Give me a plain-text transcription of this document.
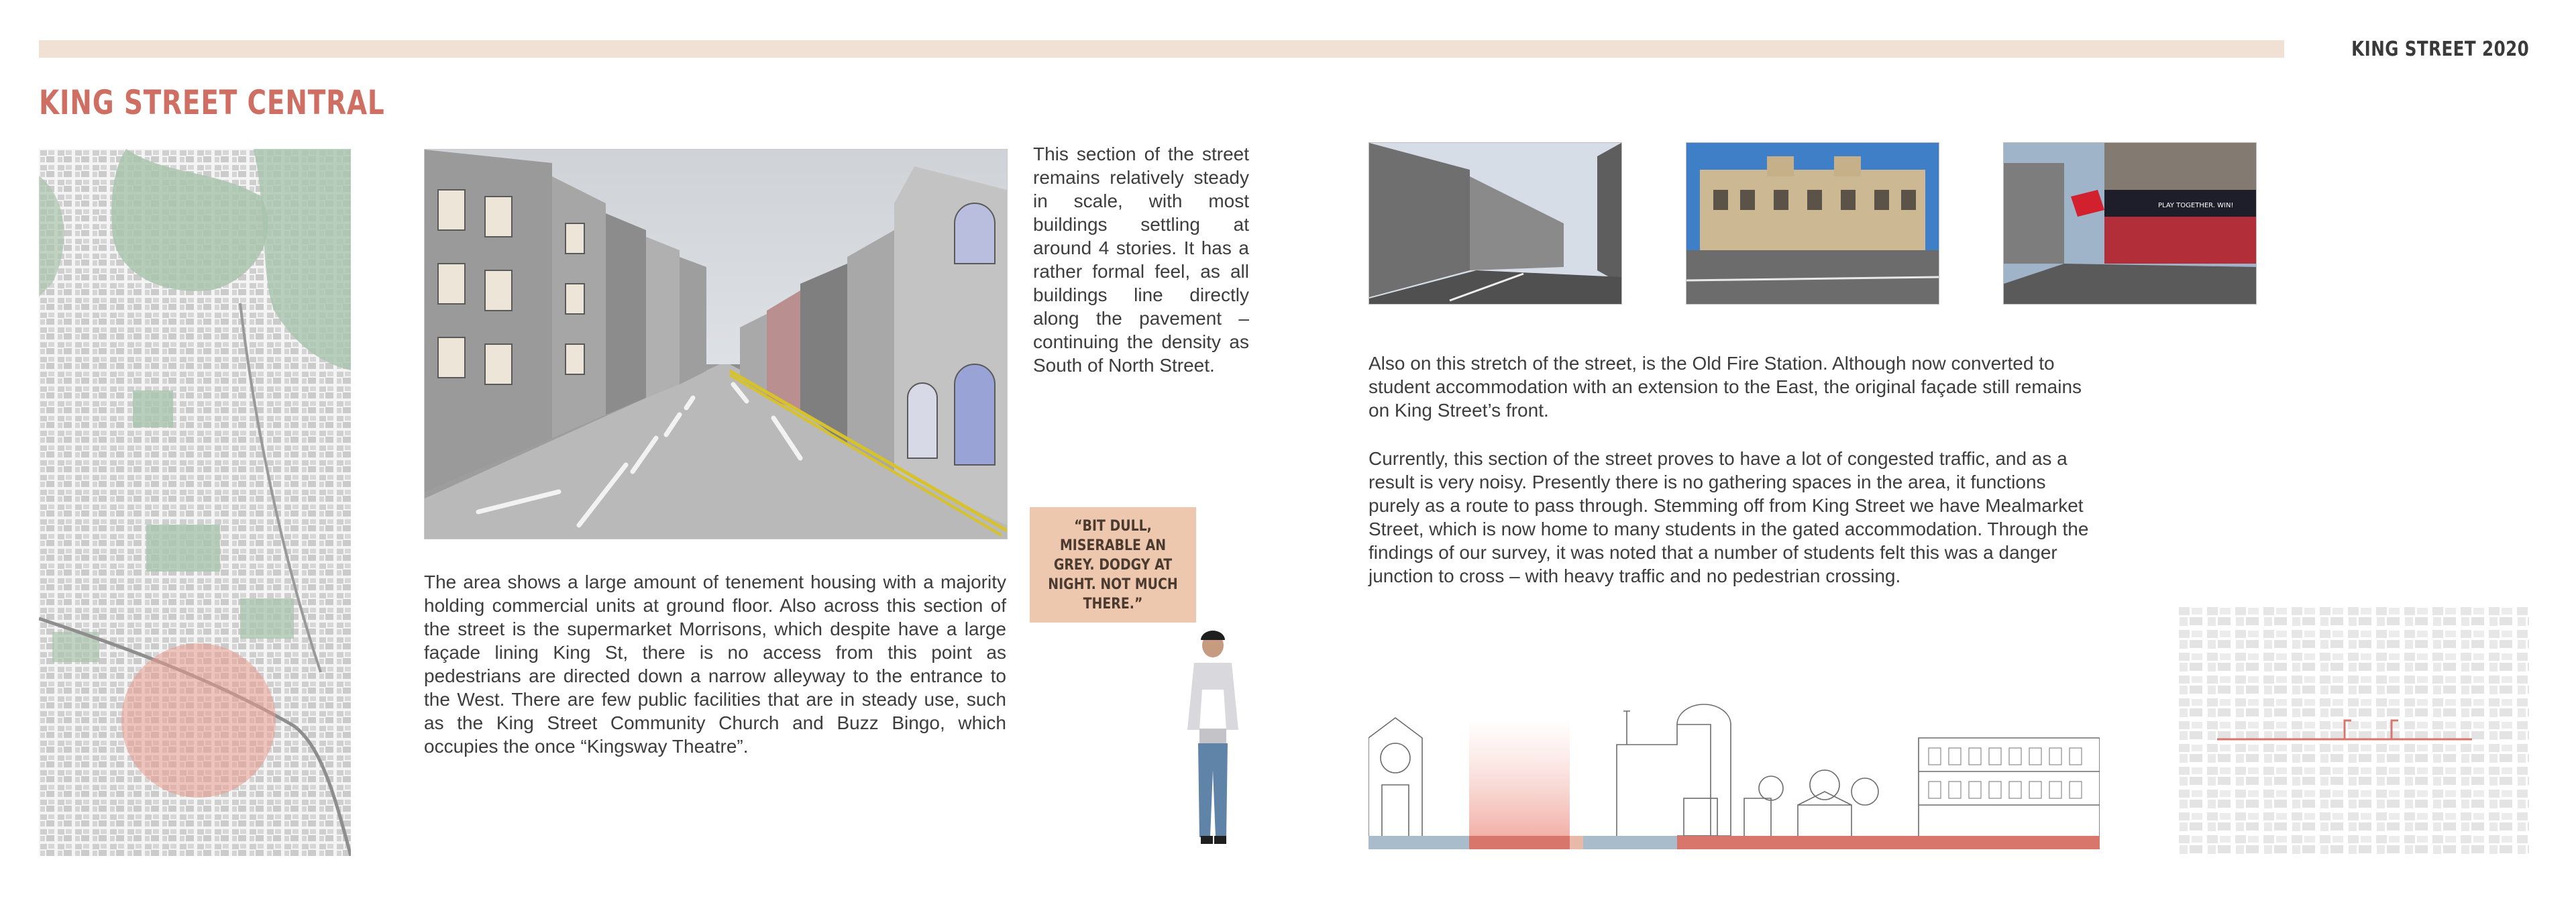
KING STREET 2020
KING STREET CENTRAL
This section of the street remains relatively steady in scale, with most buildings settling at around 4 stories. It has a rather formal feel, as all buildings line directly along the pavement – continuing the density as South of North Street.
The area shows a large amount of tenement housing with a majority holding commercial units at ground floor. Also across this section of the street is the supermarket Morrisons, which despite have a large façade lining King St, there is no access from this point as pedestrians are directed down a narrow alleyway to the entrance to the West. There are few public facilities that are in steady use, such as the King Street Community Church and Buzz Bingo, which occupies the once “Kingsway Theatre”.
“BIT DULL, MISERABLE AN GREY. DODGY AT NIGHT. NOT MUCH THERE.”
PLAY TOGETHER. WIN!
Also on this stretch of the street, is the Old Fire Station. Although now converted to student accommodation with an extension to the East, the original façade still remains on King Street’s front.
Currently, this section of the street proves to have a lot of congested traffic, and as a result is very noisy. Presently there is no gathering spaces in the area, it functions purely as a route to pass through. Stemming off from King Street we have Mealmarket Street, which is now home to many students in the gated accommodation. Through the findings of our survey, it was noted that a number of students felt this was a danger junction to cross – with heavy traffic and no pedestrian crossing.
